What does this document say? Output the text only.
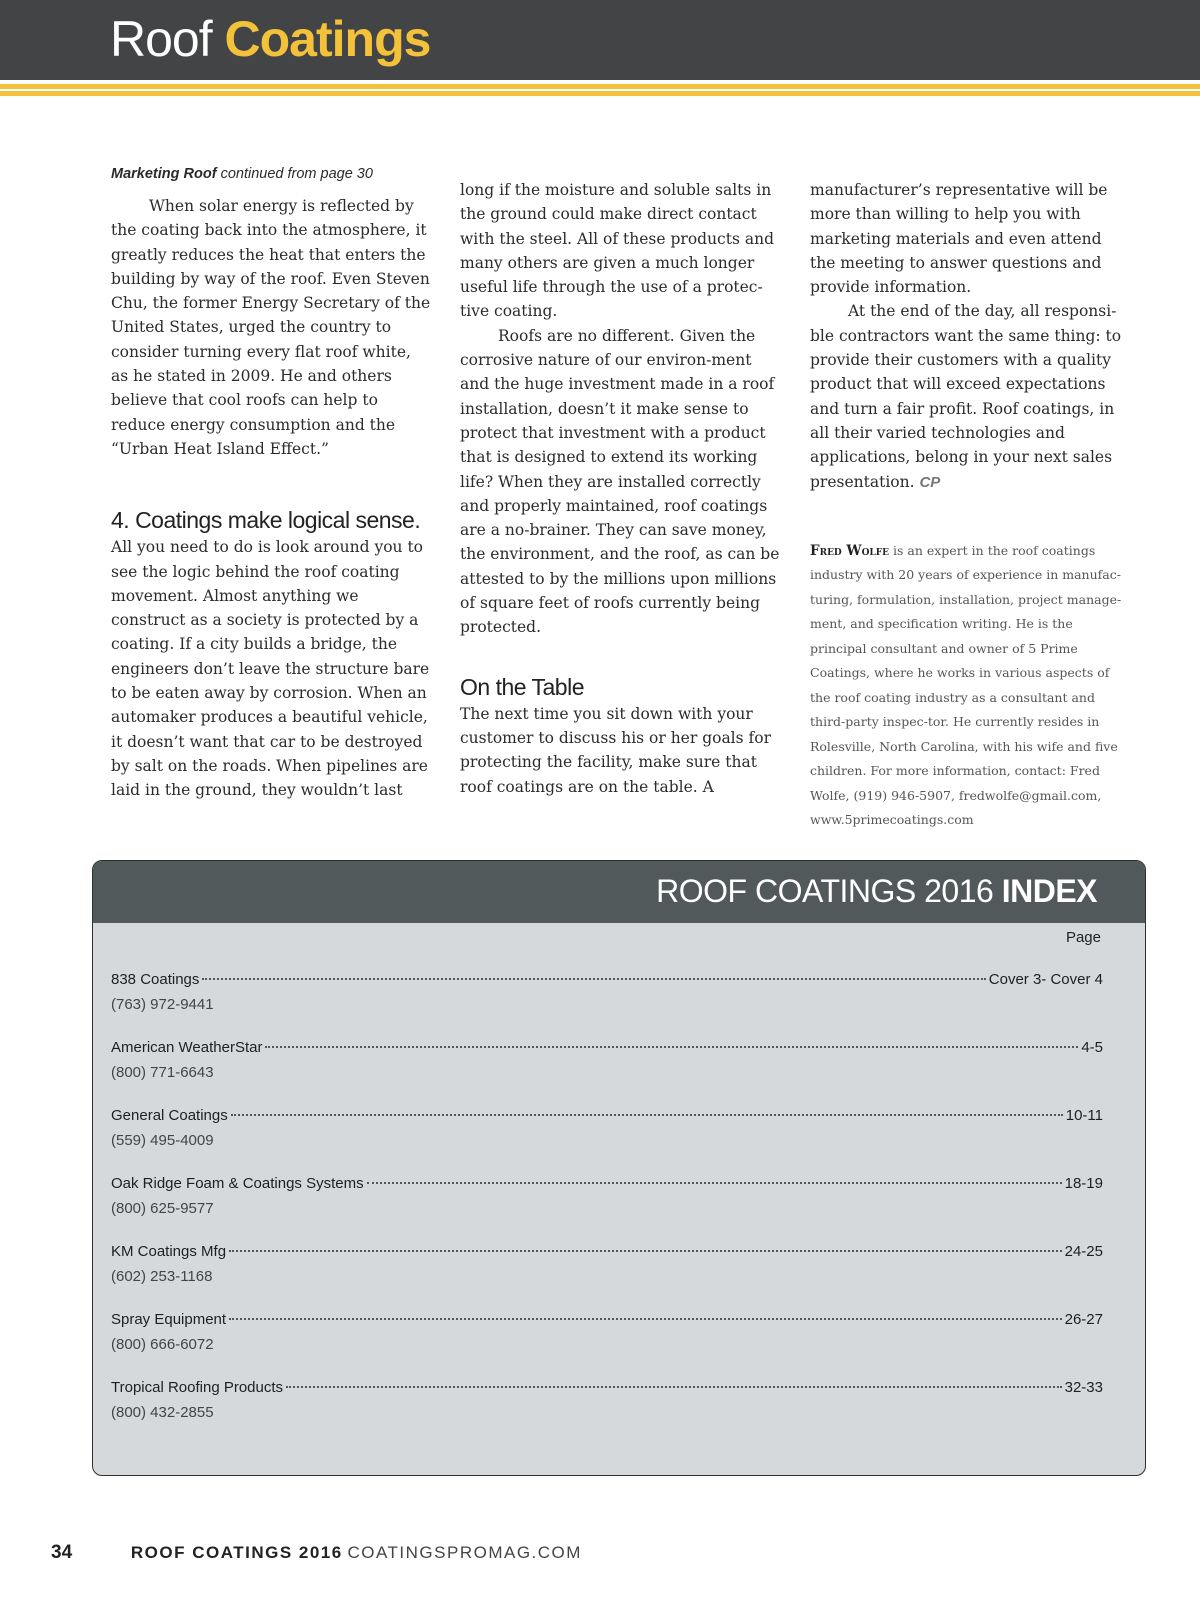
Roof Coatings

Marketing Roof continued from page 30

When solar energy is reflected by the coating back into the atmosphere, it greatly reduces the heat that enters the building by way of the roof. Even Steven Chu, the former Energy Secretary of the United States, urged the country to consider turning every flat roof white, as he stated in 2009. He and others believe that cool roofs can help to reduce energy consumption and the “Urban Heat Island Effect.”

4. Coatings make logical sense.

All you need to do is look around you to see the logic behind the roof coating movement. Almost anything we construct as a society is protected by a coating. If a city builds a bridge, the engineers don’t leave the structure bare to be eaten away by corrosion. When an automaker produces a beautiful vehicle, it doesn’t want that car to be destroyed by salt on the roads. When pipelines are laid in the ground, they wouldn’t last

long if the moisture and soluble salts in the ground could make direct contact with the steel. All of these products and many others are given a much longer useful life through the use of a protec-tive coating.

Roofs are no different. Given the corrosive nature of our environ-ment and the huge investment made in a roof installation, doesn’t it make sense to protect that investment with a product that is designed to extend its working life? When they are installed correctly and properly maintained, roof coatings are a no-brainer. They can save money, the environment, and the roof, as can be attested to by the millions upon millions of square feet of roofs currently being protected.

On the Table

The next time you sit down with your customer to discuss his or her goals for protecting the facility, make sure that roof coatings are on the table. A

manufacturer’s representative will be more than willing to help you with marketing materials and even attend the meeting to answer questions and provide information.

At the end of the day, all responsi-ble contractors want the same thing: to provide their customers with a quality product that will exceed expectations and turn a fair profit. Roof coatings, in all their varied technologies and applications, belong in your next sales presentation. CP

Fred Wolfe is an expert in the roof coatings industry with 20 years of experience in manufac-turing, formulation, installation, project manage-ment, and specification writing. He is the principal consultant and owner of 5 Prime Coatings, where he works in various aspects of the roof coating industry as a consultant and third-party inspec-tor. He currently resides in Rolesville, North Carolina, with his wife and five children. For more information, contact: Fred Wolfe, (919) 946-5907, fredwolfe@gmail.com, www.5primecoatings.com

ROOF COATINGS 2016 INDEX
Page
838 Coatings	Cover 3- Cover 4
(763) 972-9441
American WeatherStar	4-5
(800) 771-6643
General Coatings	10-11
(559) 495-4009
Oak Ridge Foam & Coatings Systems	18-19
(800) 625-9577
KM Coatings Mfg	24-25
(602) 253-1168
Spray Equipment	26-27
(800) 666-6072
Tropical Roofing Products	32-33
(800) 432-2855
34	ROOF COATINGS 2016 COATINGSPROMAG.COM
